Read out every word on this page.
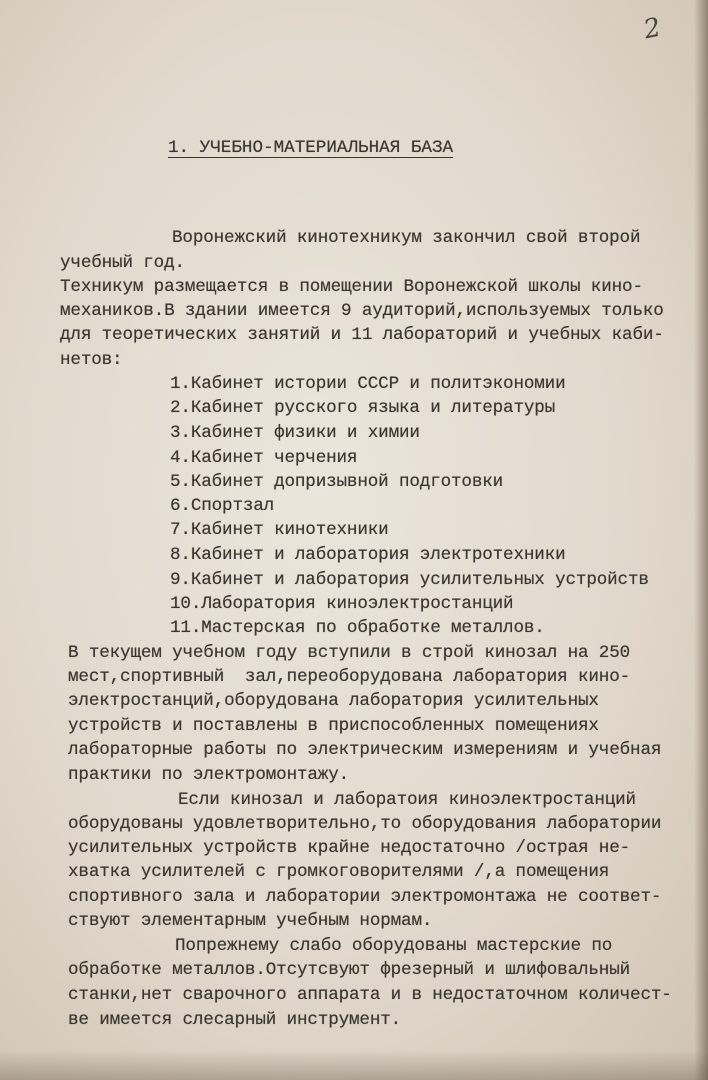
2
1. УЧЕБНО-МАТЕРИАЛЬНАЯ БАЗА
Воронежский кинотехникум закончил свой второй
учебный год.
Техникум размещается в помещении Воронежской школы кино-
механиков.В здании имеется 9 аудиторий,используемых только
для теоретических занятий и 11 лабораторий и учебных каби-
нетов:
1.Кабинет истории СССР и политэкономии
2.Кабинет русского языка и литературы
3.Кабинет физики и химии
4.Кабинет черчения
5.Кабинет допризывной подготовки
6.Спортзал
7.Кабинет кинотехники
8.Кабинет и лаборатория электротехники
9.Кабинет и лаборатория усилительных устройств
10.Лаборатория киноэлектростанций
11.Мастерская по обработке металлов.
В текущем учебном году вступили в строй кинозал на 250
мест,спортивный  зал,переоборудована лаборатория кино-
электростанций,оборудована лаборатория усилительных
устройств и поставлены в приспособленных помещениях
лабораторные работы по электрическим измерениям и учебная
практики по электромонтажу.
Если кинозал и лаборатоия киноэлектростанций
оборудованы удовлетворительно,то оборудования лаборатории
усилительных устройств крайне недостаточно /острая не-
хватка усилителей с громкоговорителями /,а помещения
спортивного зала и лаборатории электромонтажа не соответ-
ствуют элементарным учебным нормам.
Попрежнему слабо оборудованы мастерские по
обработке металлов.Отсутсвуют фрезерный и шлифовальный
станки,нет сварочного аппарата и в недостаточном количест-
ве имеется слесарный инструмент.
